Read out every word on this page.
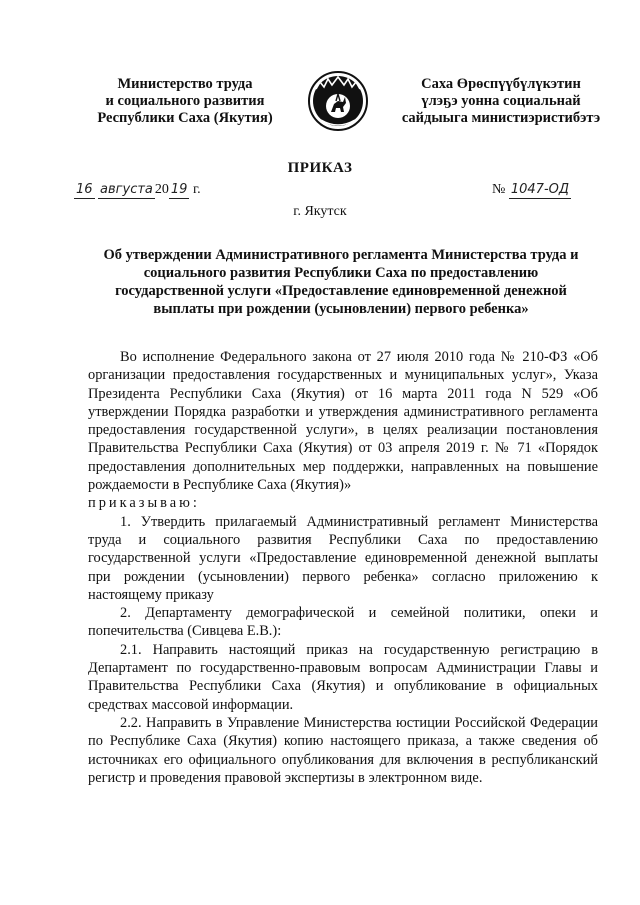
Министерство труда
и социального развития
Республики Саха (Якутия)
Саха Өрөспүүбүлүкэтин
үлэҕэ уонна социальнай
сайдыыга министиэристибэтэ
ПРИКАЗ
16 августа 20 19 г.	№ 1047-ОД
г. Якутск
Об утверждении Административного регламента Министерства труда и
социального развития Республики Саха по предоставлению
государственной услуги «Предоставление единовременной денежной
выплаты при рождении (усыновлении) первого ребенка»

Во исполнение Федерального закона от 27 июля 2010 года № 210-ФЗ «Об организации предоставления государственных и муниципальных услуг», Указа Президента Республики Саха (Якутия) от 16 марта 2011 года N 529 «Об утверждении Порядка разработки и утверждения административного регламента предоставления государственной услуги», в целях реализации постановления Правительства Республики Саха (Якутия) от 03 апреля 2019 г. № 71 «Порядок предоставления дополнительных мер поддержки, направленных на повышение рождаемости в Республике Саха (Якутия)»

приказываю:

1. Утвердить прилагаемый Административный регламент Министерства труда и социального развития Республики Саха по предоставлению государственной услуги «Предоставление единовременной денежной выплаты при рождении (усыновлении) первого ребенка» согласно приложению к настоящему приказу

2. Департаменту демографической и семейной политики, опеки и попечительства (Сивцева Е.В.):

2.1. Направить настоящий приказ на государственную регистрацию в Департамент по государственно-правовым вопросам Администрации Главы и Правительства Республики Саха (Якутия) и опубликование в официальных средствах массовой информации.

2.2. Направить в Управление Министерства юстиции Российской Федерации по Республике Саха (Якутия) копию настоящего приказа, а также сведения об источниках его официального опубликования для включения в республиканский регистр и проведения правовой экспертизы в электронном виде.
